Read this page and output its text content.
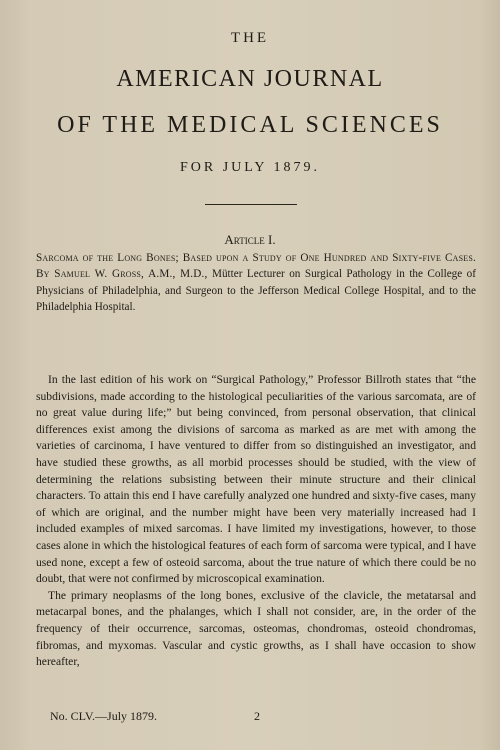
THE
AMERICAN JOURNAL
OF THE MEDICAL SCIENCES
FOR JULY 1879.
Article I.
Sarcoma of the Long Bones; Based upon a Study of One Hundred and Sixty-five Cases. By Samuel W. Gross, A.M., M.D., Mütter Lecturer on Surgical Pathology in the College of Physicians of Philadelphia, and Surgeon to the Jefferson Medical College Hospital, and to the Philadelphia Hospital.

In the last edition of his work on “Surgical Pathology,” Professor Billroth states that “the subdivisions, made according to the histological peculiarities of the various sarcomata, are of no great value during life;” but being convinced, from personal observation, that clinical differences exist among the divisions of sarcoma as marked as are met with among the varieties of carcinoma, I have ventured to differ from so distinguished an investigator, and have studied these growths, as all morbid processes should be studied, with the view of determining the relations subsisting between their minute structure and their clinical characters. To attain this end I have carefully analyzed one hundred and sixty-five cases, many of which are original, and the number might have been very materially increased had I included examples of mixed sarcomas. I have limited my investigations, however, to those cases alone in which the histological features of each form of sarcoma were typical, and I have used none, except a few of osteoid sarcoma, about the true nature of which there could be no doubt, that were not confirmed by microscopical examination.

The primary neoplasms of the long bones, exclusive of the clavicle, the metatarsal and metacarpal bones, and the phalanges, which I shall not consider, are, in the order of the frequency of their occurrence, sarcomas, osteomas, chondromas, osteoid chondromas, fibromas, and myxomas. Vascular and cystic growths, as I shall have occasion to show hereafter,

No. CLV.—July 1879.	2
